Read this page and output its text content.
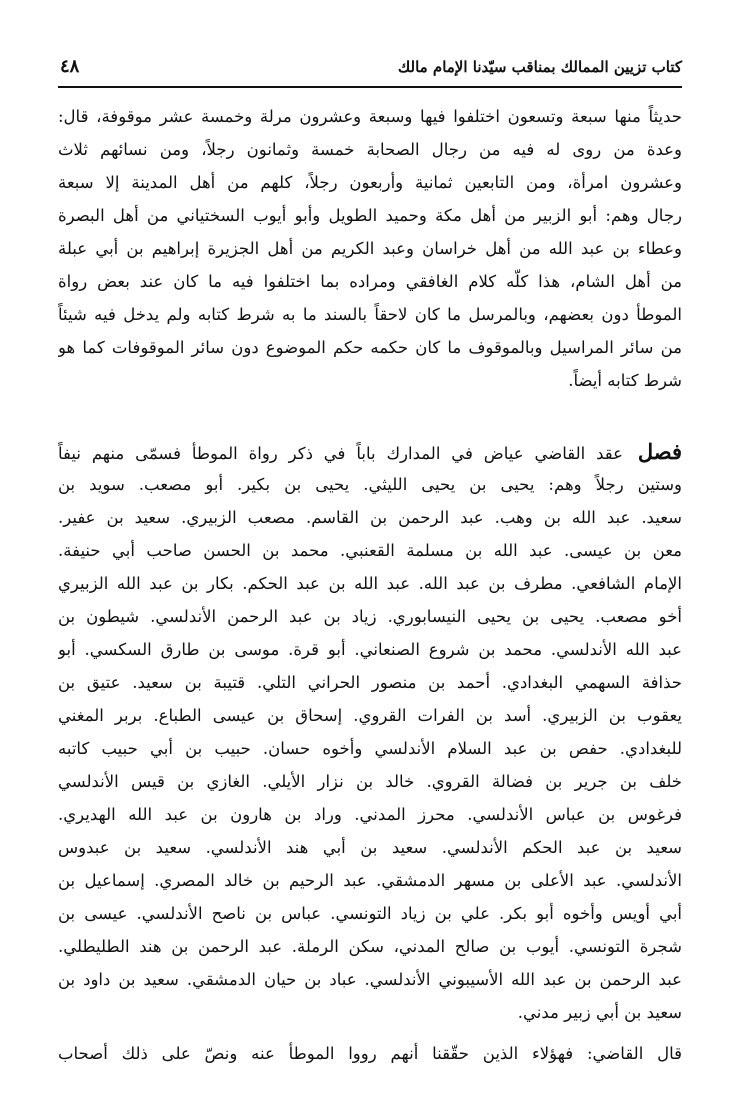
كتاب تزيين الممالك بمناقب سيّدنا الإمام مالك
٤٨
حديثاً منها سبعة وتسعون اختلفوا فيها وسبعة وعشرون مرلة وخمسة عشر موقوفة، قال:
وعدة من روى له فيه من رجال الصحابة خمسة وثمانون رجلاً، ومن نسائهم ثلاث
وعشرون امرأة، ومن التابعين ثمانية وأربعون رجلاً، كلهم من أهل المدينة إلا سبعة
رجال وهم: أبو الزبير من أهل مكة وحميد الطويل وأبو أيوب السختياني من أهل البصرة
وعطاء بن عبد الله من أهل خراسان وعبد الكريم من أهل الجزيرة إبراهيم بن أبي عبلة
من أهل الشام، هذا كلّه كلام الغافقي ومراده بما اختلفوا فيه ما كان عند بعض رواة
الموطأ دون بعضهم، وبالمرسل ما كان لاحقاً بالسند ما به شرط كتابه ولم يدخل فيه شيئاً
من سائر المراسيل وبالموقوف ما كان حكمه حكم الموضوع دون سائر الموقوفات كما هو
شرط كتابه أيضاً.
فصل عقد القاضي عياض في المدارك باباً في ذكر رواة الموطأ فسمّى منهم نيفاً
وستين رجلاً وهم: يحيى بن يحيى الليثي. يحيى بن بكير. أبو مصعب. سويد بن
سعيد. عبد الله بن وهب. عبد الرحمن بن القاسم. مصعب الزبيري. سعيد بن عفير.
معن بن عيسى. عبد الله بن مسلمة القعنبي. محمد بن الحسن صاحب أبي حنيفة.
الإمام الشافعي. مطرف بن عبد الله. عبد الله بن عبد الحكم. بكار بن عبد الله الزبيري
أخو مصعب. يحيى بن يحيى النيسابوري. زياد بن عبد الرحمن الأندلسي. شيطون بن
عبد الله الأندلسي. محمد بن شروع الصنعاني. أبو قرة. موسى بن طارق السكسي. أبو
حذافة السهمي البغدادي. أحمد بن منصور الحراني التلي. قتيبة بن سعيد. عتيق بن
يعقوب بن الزبيري. أسد بن الفرات القروي. إسحاق بن عيسى الطباع. بربر المغني
للبغدادي. حفص بن عبد السلام الأندلسي وأخوه حسان. حبيب بن أبي حبيب كاتبه
خلف بن جرير بن فضالة القروي. خالد بن نزار الأيلي. الغازي بن قيس الأندلسي
فرغوس بن عباس الأندلسي. محرز المدني. وراد بن هارون بن عبد الله الهديري.
سعيد بن عبد الحكم الأندلسي. سعيد بن أبي هند الأندلسي. سعيد بن عبدوس
الأندلسي. عبد الأعلى بن مسهر الدمشقي. عبد الرحيم بن خالد المصري. إسماعيل بن
أبي أويس وأخوه أبو بكر. علي بن زياد التونسي. عباس بن ناصح الأندلسي. عيسى بن
شجرة التونسي. أيوب بن صالح المدني، سكن الرملة. عبد الرحمن بن هند الطليطلي.
عبد الرحمن بن عبد الله الأسيبوني الأندلسي. عباد بن حيان الدمشقي. سعيد بن داود بن
سعيد بن أبي زبير مدني.
قال القاضي: فهؤلاء الذين حقّقنا أنهم رووا الموطأ عنه ونصّ على ذلك أصحاب
